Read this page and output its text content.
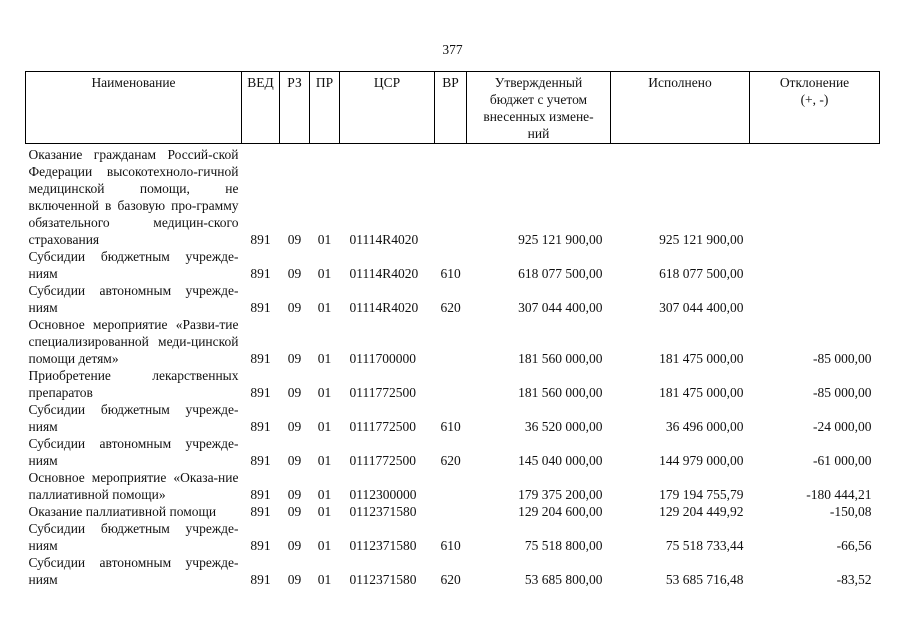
377
Наименование	ВЕД	РЗ	ПР	ЦСР	ВР	Утвержденный бюджет с учетом внесенных измене-ний	Исполнено	Отклонение (+, -)

Оказание гражданам Россий-ской Федерации высокотехноло-гичной медицинской помощи, не включенной в базовую про-грамму обязательного медицин-ского страхования	891	09	01	01114R4020		925 121 900,00	925 121 900,00	
Субсидии бюджетным учрежде-ниям	891	09	01	01114R4020	610	618 077 500,00	618 077 500,00	
Субсидии автономным учрежде-ниям	891	09	01	01114R4020	620	307 044 400,00	307 044 400,00	
Основное мероприятие «Разви-тие специализированной меди-цинской помощи детям»	891	09	01	0111700000		181 560 000,00	181 475 000,00	-85 000,00
Приобретение лекарственных препаратов	891	09	01	0111772500		181 560 000,00	181 475 000,00	-85 000,00
Субсидии бюджетным учрежде-ниям	891	09	01	0111772500	610	36 520 000,00	36 496 000,00	-24 000,00
Субсидии автономным учрежде-ниям	891	09	01	0111772500	620	145 040 000,00	144 979 000,00	-61 000,00
Основное мероприятие «Оказа-ние паллиативной помощи»	891	09	01	0112300000		179 375 200,00	179 194 755,79	-180 444,21
Оказание паллиативной помощи	891	09	01	0112371580		129 204 600,00	129 204 449,92	-150,08
Субсидии бюджетным учрежде-ниям	891	09	01	0112371580	610	75 518 800,00	75 518 733,44	-66,56
Субсидии автономным учрежде-ниям	891	09	01	0112371580	620	53 685 800,00	53 685 716,48	-83,52
